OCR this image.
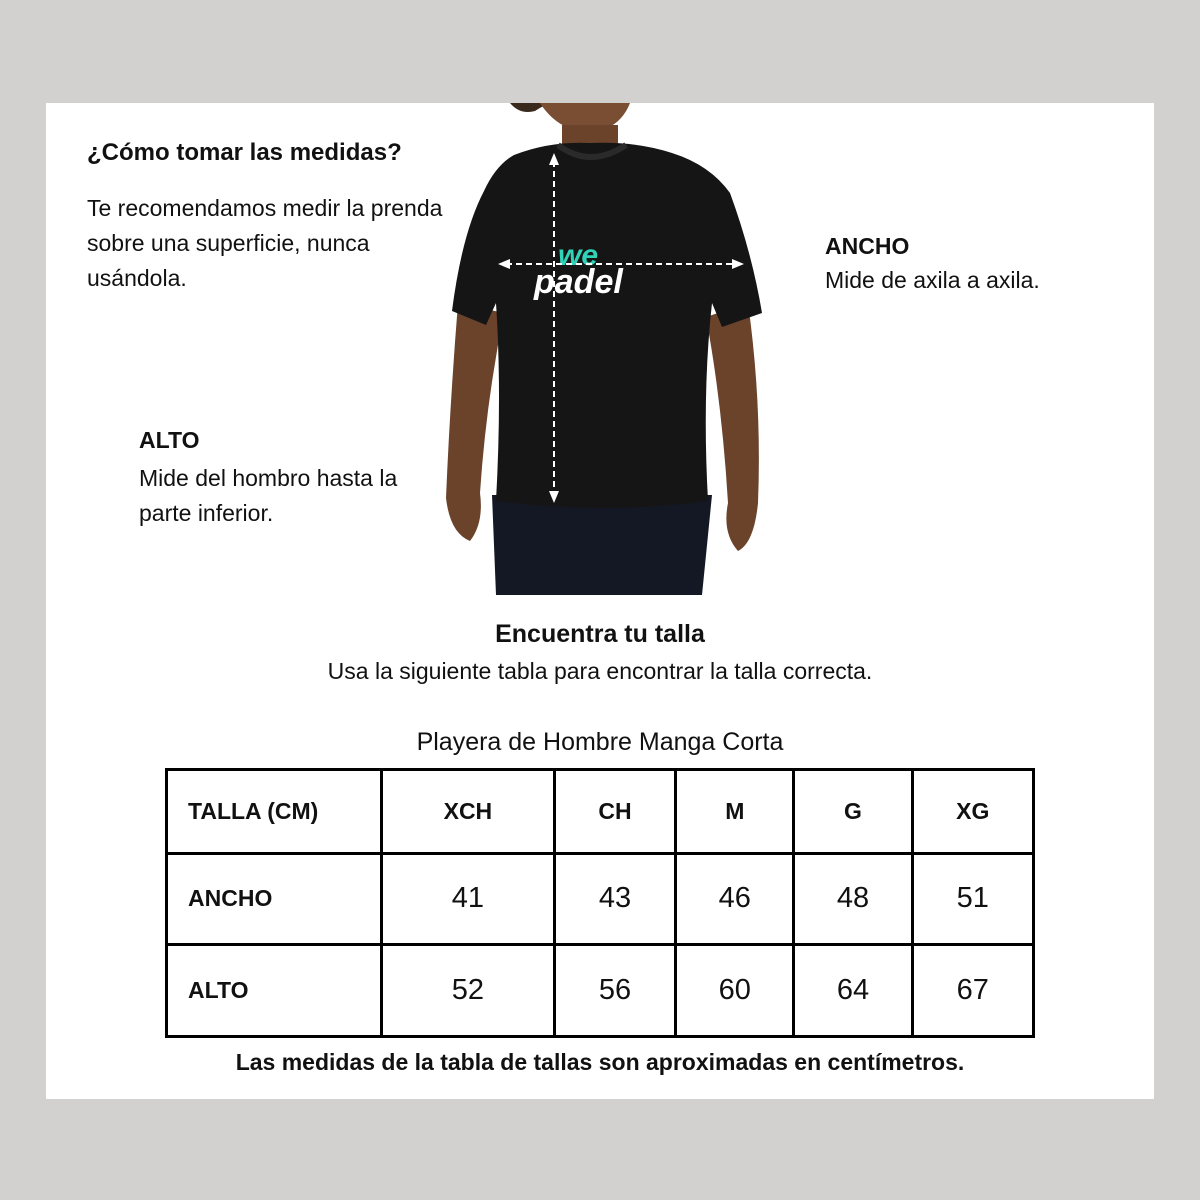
¿Cómo tomar las medidas?
Te recomendamos medir la prenda sobre una superficie, nunca usándola.
we
padel
ANCHO
Mide de axila a axila.
ALTO
Mide del hombro hasta la parte inferior.
Encuentra tu talla
Usa la siguiente tabla para encontrar la talla correcta.
Playera de Hombre Manga Corta
TALLA (CM)	XCH	CH	M	G	XG
ANCHO	41	43	46	48	51
ALTO	52	56	60	64	67
Las medidas de la tabla de tallas son aproximadas en centímetros.
